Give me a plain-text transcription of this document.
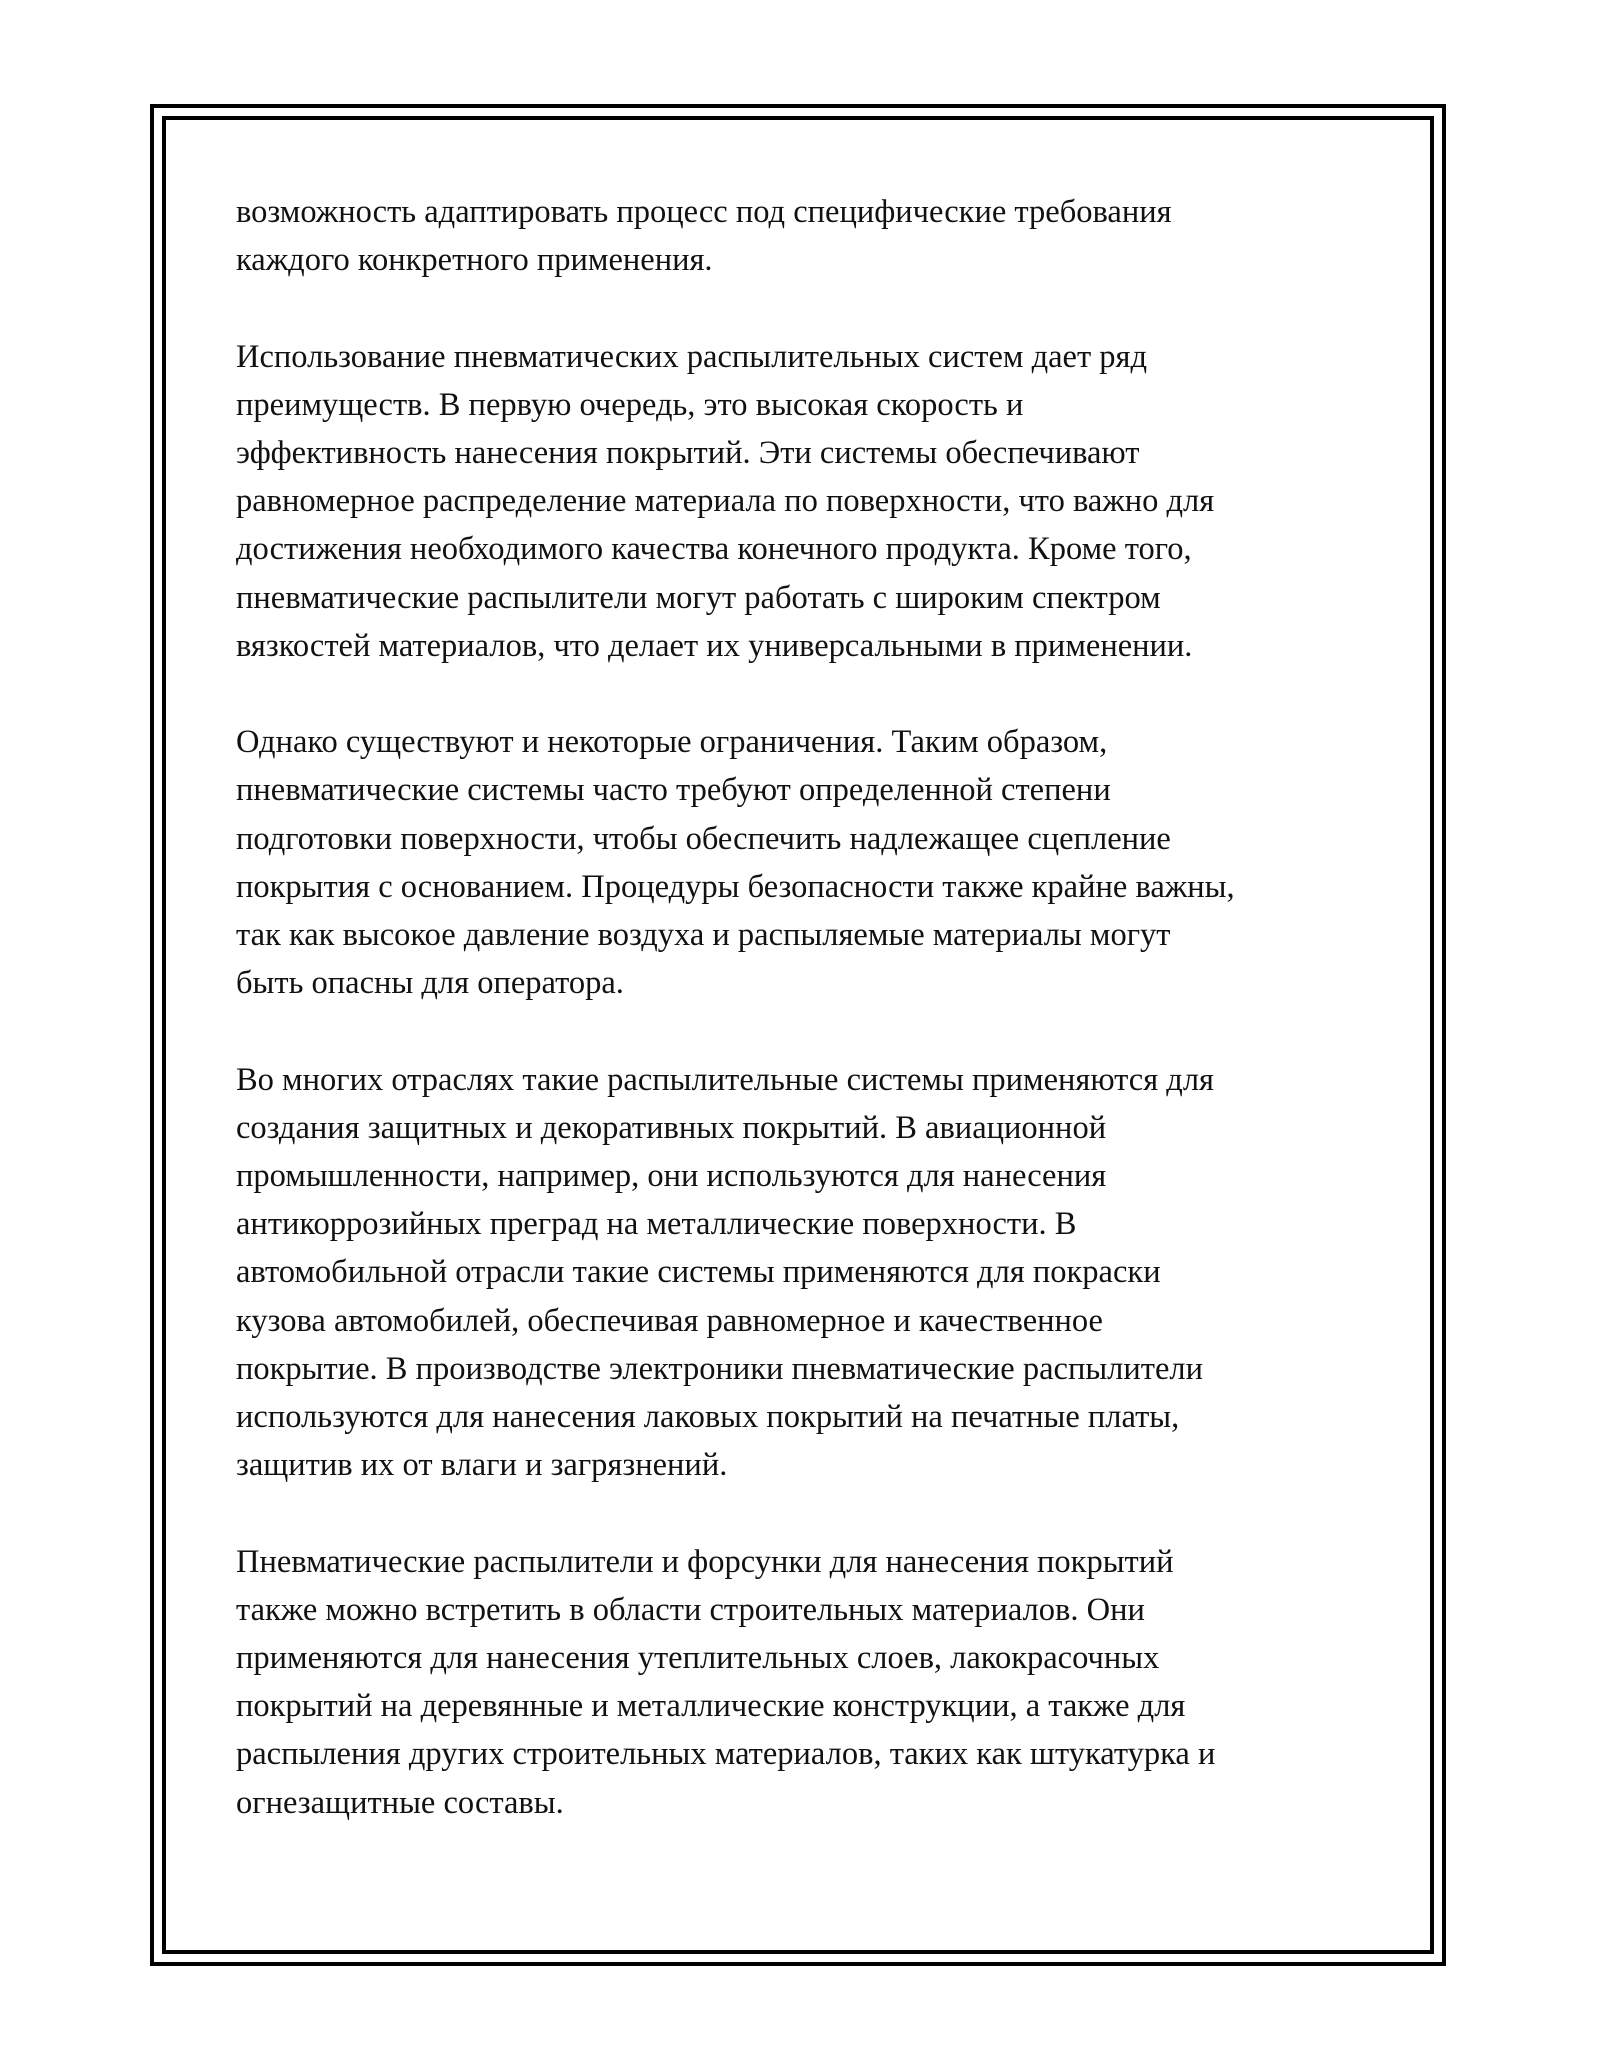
возможность адаптировать процесс под специфические требования
каждого конкретного применения.
Использование пневматических распылительных систем дает ряд
преимуществ. В первую очередь, это высокая скорость и
эффективность нанесения покрытий. Эти системы обеспечивают
равномерное распределение материала по поверхности, что важно для
достижения необходимого качества конечного продукта. Кроме того,
пневматические распылители могут работать с широким спектром
вязкостей материалов, что делает их универсальными в применении.
Однако существуют и некоторые ограничения. Таким образом,
пневматические системы часто требуют определенной степени
подготовки поверхности, чтобы обеспечить надлежащее сцепление
покрытия с основанием. Процедуры безопасности также крайне важны,
так как высокое давление воздуха и распыляемые материалы могут
быть опасны для оператора.
Во многих отраслях такие распылительные системы применяются для
создания защитных и декоративных покрытий. В авиационной
промышленности, например, они используются для нанесения
антикоррозийных преград на металлические поверхности. В
автомобильной отрасли такие системы применяются для покраски
кузова автомобилей, обеспечивая равномерное и качественное
покрытие. В производстве электроники пневматические распылители
используются для нанесения лаковых покрытий на печатные платы,
защитив их от влаги и загрязнений.
Пневматические распылители и форсунки для нанесения покрытий
также можно встретить в области строительных материалов. Они
применяются для нанесения утеплительных слоев, лакокрасочных
покрытий на деревянные и металлические конструкции, а также для
распыления других строительных материалов, таких как штукатурка и
огнезащитные составы.
